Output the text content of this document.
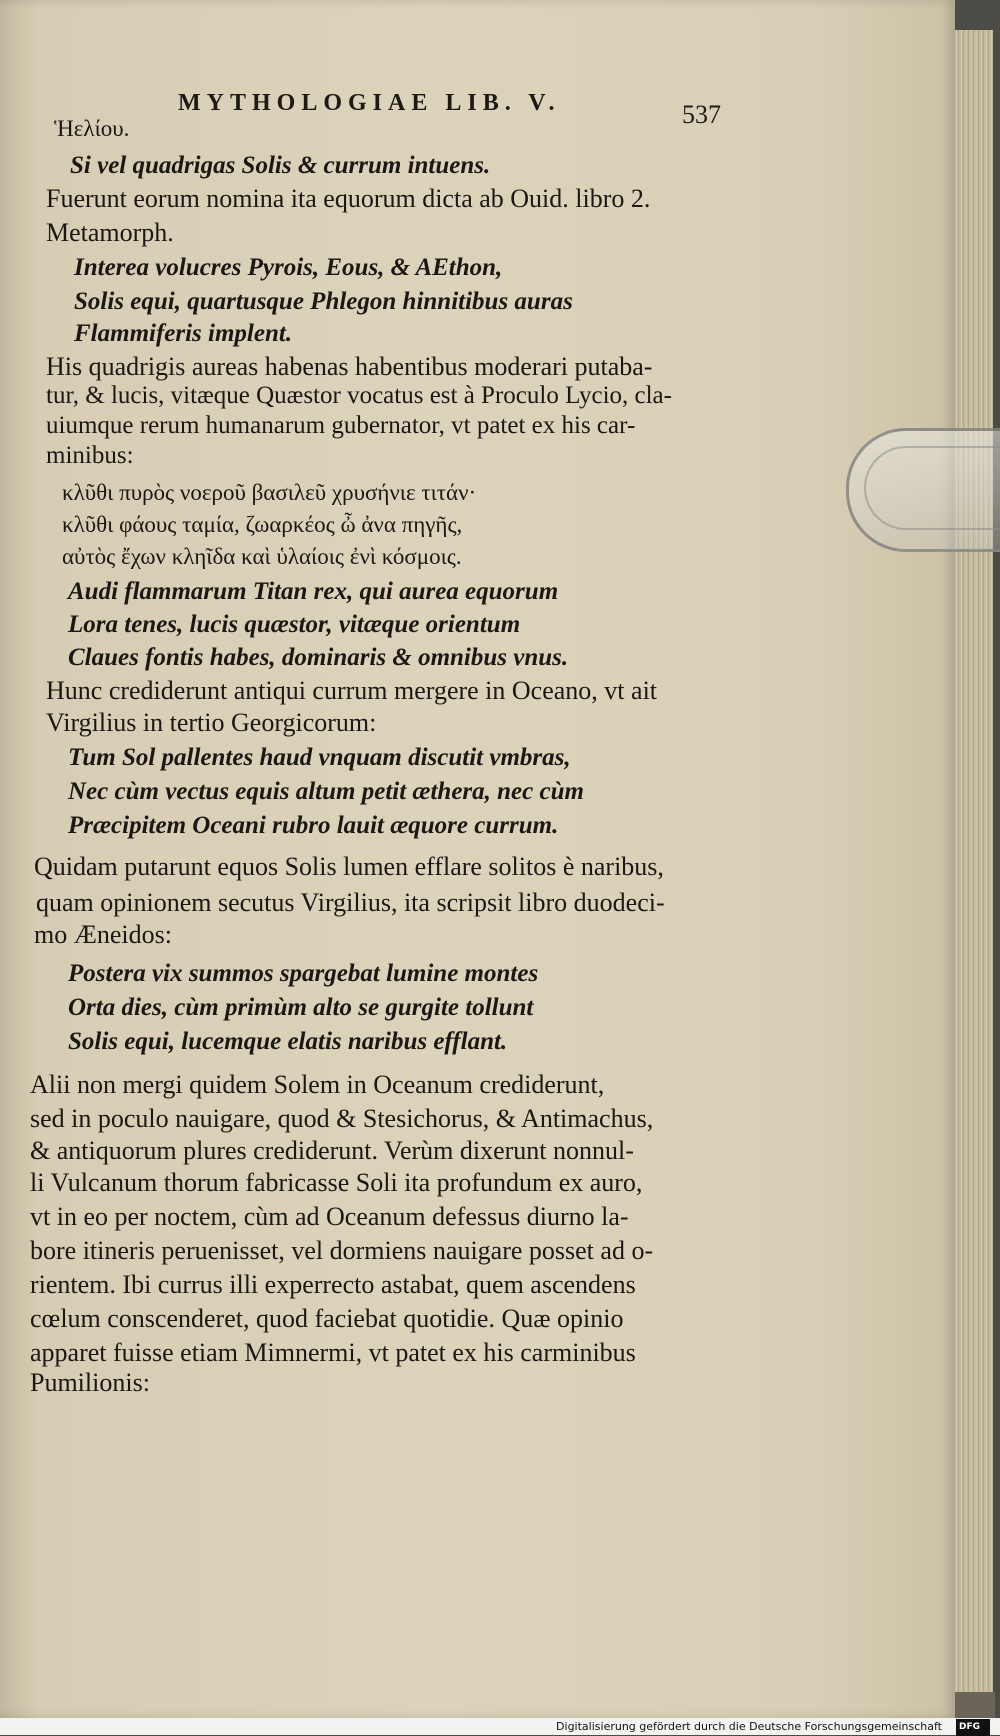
MYTHOLOGIAE LIB. V.	537
Ἡελίου.
Si vel quadrigas Solis & currum intuens.
Fuerunt eorum nomina ita equorum dicta ab Ouid. libro 2.
Metamorph.
Interea volucres Pyrois, Eous, & AEthon,
Solis equi, quartusque Phlegon hinnitibus auras
Flammiferis implent.
His quadrigis aureas habenas habentibus moderari putaba-
tur, & lucis, vitæque Quæstor vocatus est à Proculo Lycio, cla-
uiumque rerum humanarum gubernator, vt patet ex his car-
minibus:
κλῦθι πυρὸς νοεροῦ βασιλεῦ χρυσήνιε τιτάν·
κλῦθι φάους ταμία, ζωαρκέος ὦ ἀνα πηγῆς,
αὐτὸς ἔχων κληῖδα καὶ ὑλαίοις ἐνὶ κόσμοις.
Audi flammarum Titan rex, qui aurea equorum
Lora tenes, lucis quæstor, vitæque orientum
Claues fontis habes, dominaris & omnibus vnus.
Hunc crediderunt antiqui currum mergere in Oceano, vt ait
Virgilius in tertio Georgicorum:
Tum Sol pallentes haud vnquam discutit vmbras,
Nec cùm vectus equis altum petit æthera, nec cùm
Præcipitem Oceani rubro lauit æquore currum.
Quidam putarunt equos Solis lumen efflare solitos è naribus,
quam opinionem secutus Virgilius, ita scripsit libro duodeci-
mo Æneidos:
Postera vix summos spargebat lumine montes
Orta dies, cùm primùm alto se gurgite tollunt
Solis equi, lucemque elatis naribus efflant.
Alii non mergi quidem Solem in Oceanum crediderunt,
sed in poculo nauigare, quod & Stesichorus, & Antimachus,
& antiquorum plures crediderunt. Verùm dixerunt nonnul-
li Vulcanum thorum fabricasse Soli ita profundum ex auro,
vt in eo per noctem, cùm ad Oceanum defessus diurno la-
bore itineris peruenisset, vel dormiens nauigare posset ad o-
rientem. Ibi currus illi experrecto astabat, quem ascendens
cœlum conscenderet, quod faciebat quotidie. Quæ opinio
apparet fuisse etiam Mimnermi, vt patet ex his carminibus
Pumilionis:
Digitalisierung gefördert durch die Deutsche Forschungsgemeinschaft DFG
